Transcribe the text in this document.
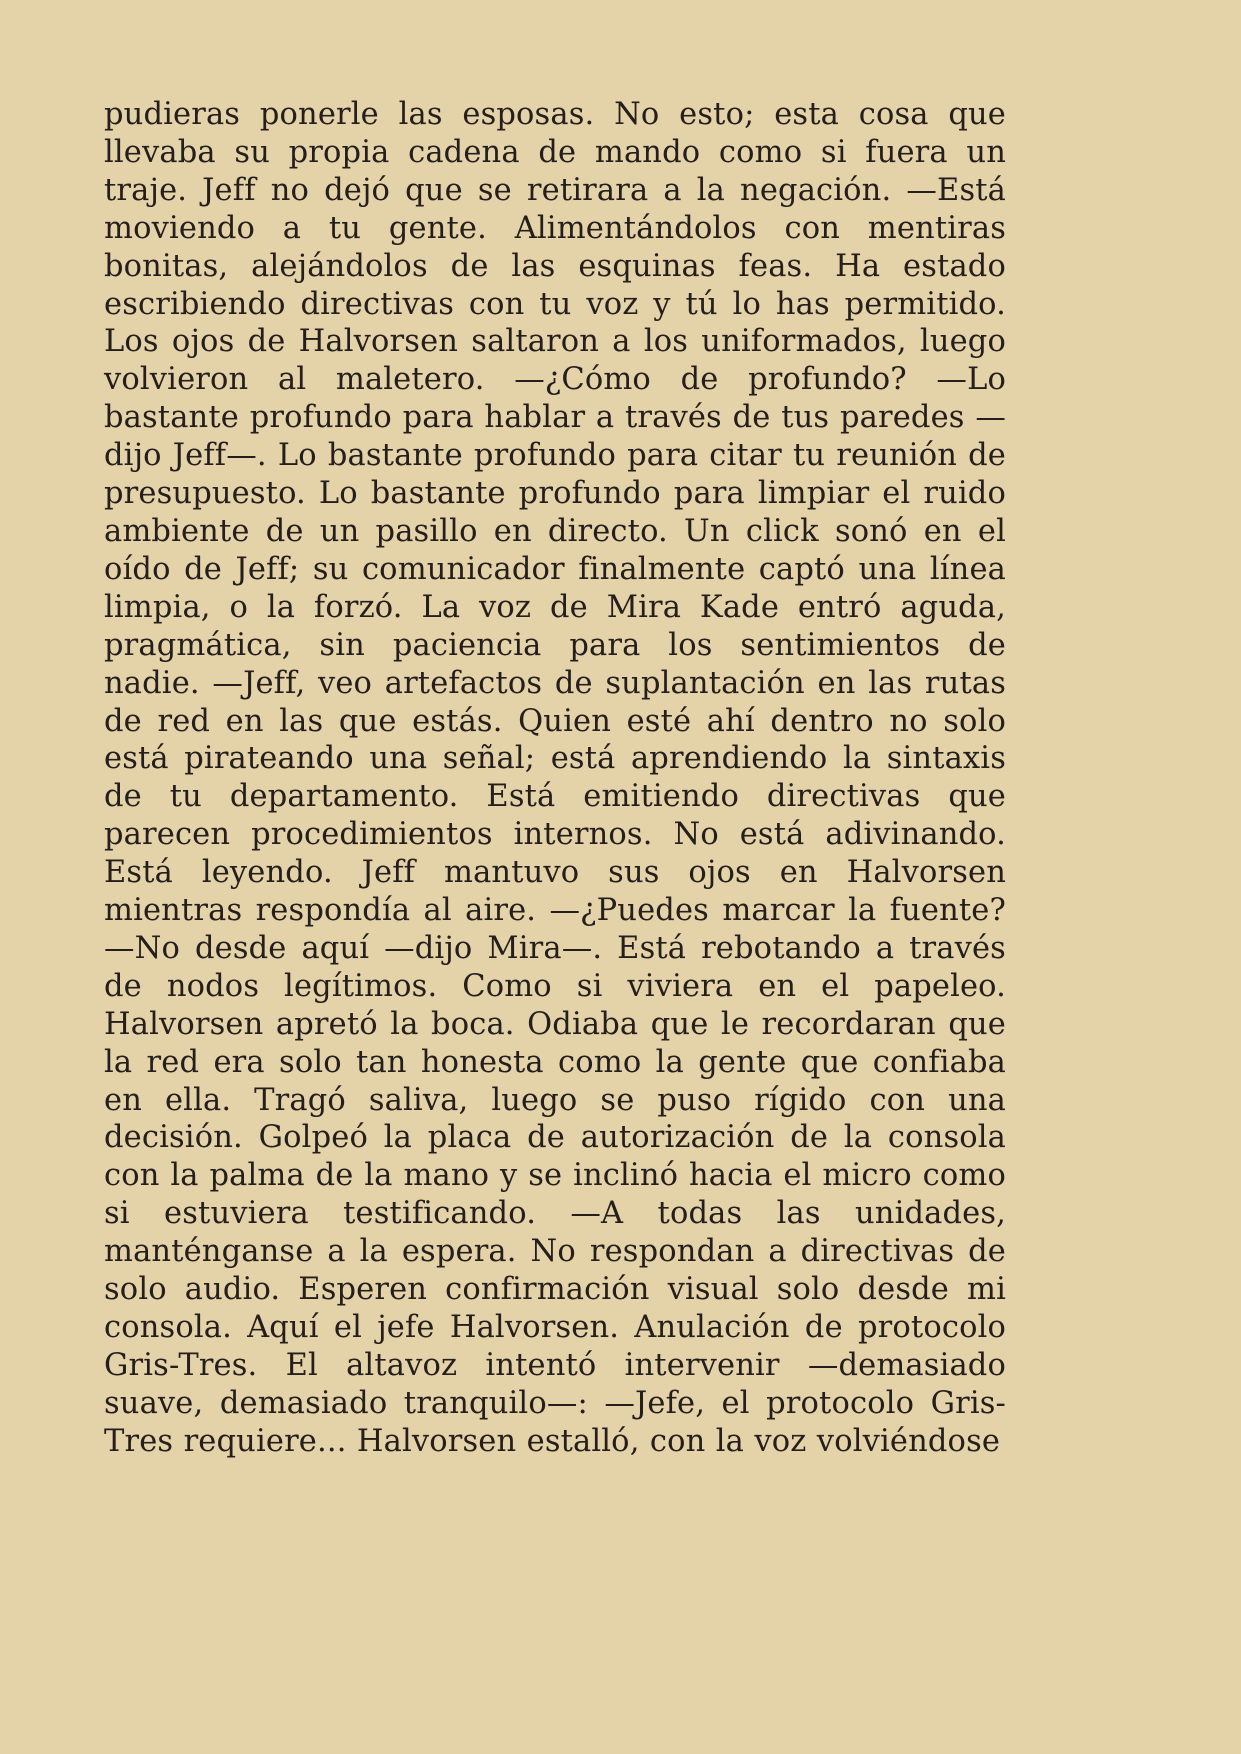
pudieras ponerle las esposas. No esto; esta cosa que llevaba su propia cadena de mando como si fuera un traje. Jeff no dejó que se retirara a la negación. —Está moviendo a tu gente. Alimentándolos con mentiras bonitas, alejándolos de las esquinas feas. Ha estado escribiendo directivas con tu voz y tú lo has permitido. Los ojos de Halvorsen saltaron a los uniformados, luego volvieron al maletero. —¿Cómo de profundo? —Lo bastante profundo para hablar a través de tus paredes —dijo Jeff—. Lo bastante profundo para citar tu reunión de presupuesto. Lo bastante profundo para limpiar el ruido ambiente de un pasillo en directo. Un click sonó en el oído de Jeff; su comunicador finalmente captó una línea limpia, o la forzó. La voz de Mira Kade entró aguda, pragmática, sin paciencia para los sentimientos de nadie. —Jeff, veo artefactos de suplantación en las rutas de red en las que estás. Quien esté ahí dentro no solo está pirateando una señal; está aprendiendo la sintaxis de tu departamento. Está emitiendo directivas que parecen procedimientos internos. No está adivinando. Está leyendo. Jeff mantuvo sus ojos en Halvorsen mientras respondía al aire. —¿Puedes marcar la fuente? —No desde aquí —dijo Mira—. Está rebotando a través de nodos legítimos. Como si viviera en el papeleo. Halvorsen apretó la boca. Odiaba que le recordaran que la red era solo tan honesta como la gente que confiaba en ella. Tragó saliva, luego se puso rígido con una decisión. Golpeó la placa de autorización de la consola con la palma de la mano y se inclinó hacia el micro como si estuviera testificando. —A todas las unidades, manténganse a la espera. No respondan a directivas de solo audio. Esperen confirmación visual solo desde mi consola. Aquí el jefe Halvorsen. Anulación de protocolo Gris-Tres. El altavoz intentó intervenir —demasiado suave, demasiado tranquilo—: —Jefe, el protocolo Gris-Tres requiere... Halvorsen estalló, con la voz volviéndose
